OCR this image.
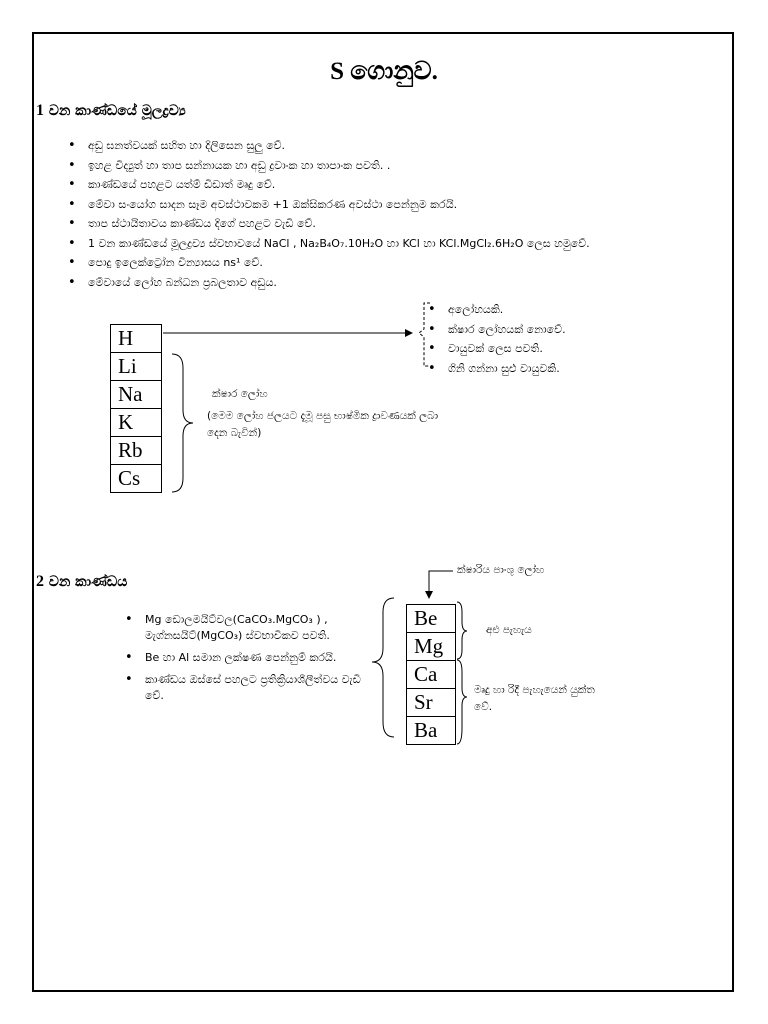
S ගොනුව.
1 වන කාණ්ඩයේ මූලද්‍රව්‍ය
• අඩු ඝනත්වයක් සහිත හා දිලිසෙන සුලු වේ.
• ඉහළ විද්‍යුත් හා තාප සන්නායක හා අඩු ද්‍රවාංක හා තාපාංක පවති. .
• කාණ්ඩයේ පහළට යත්ම් ඩිඩාත් මෘදු වේ.
• මේවා සංයෝග සාදන සෑම අවස්ථාවකම +1 ඔක්සිකරණ අවස්ථා පෙන්නුම කරයි.
• තාප ස්ථායිතාවය කාණ්ඩය දිගේ පහළට වැඩි වේ.
• 1 වන කාණ්ඩයේ මූලද්‍රව්‍ය ස්වභාවයේ NaCl , Na₂B₄O₇.10H₂O හා KCl හා KCl.MgCl₂.6H₂O ලෙස හමුවේ.
• පොදු ඉලෙක්ට්‍රෝන වින්‍යාසය ns¹ වේ.
• මේවායේ ලෝහ බන්ධන ප්‍රබලතාව අඩුය.
H
Li
Na
K
Rb
Cs
• අලෝහයකි.
• ක්ෂාර ලෝහයක් නොවේ.
• වායුවක් ලෙස පවති.
• ගිනි ගන්නා සුළු වායුවකි.
ක්ෂාර ලෝහ
(මෙම ලෝහ ජලයට දැමූ පසු භාෂ්මික ද්‍රාවණයක් ලබා දෙන බැවින්)
2 වන කාණ්ඩය
ක්ෂාරිය පාංශු ලෝහ
• Mg ඩොලමයිට්වල(CaCO₃.MgCO₃ ) , මැග්නසයිට්(MgCO₃) ස්වභාවිකව පවති.
• Be හා Al සමාන ලක්ෂණ පෙන්නුම් කරයි.
• කාණ්ඩය ඔස්සේ පහලට ප්‍රතික්‍රියාශීලීත්වය වැඩි වේ.
Be
Mg
Ca
Sr
Ba
අළු පැහැය
මෘදු හා රිදී පැහැයෙන් යුක්ත වේ.
